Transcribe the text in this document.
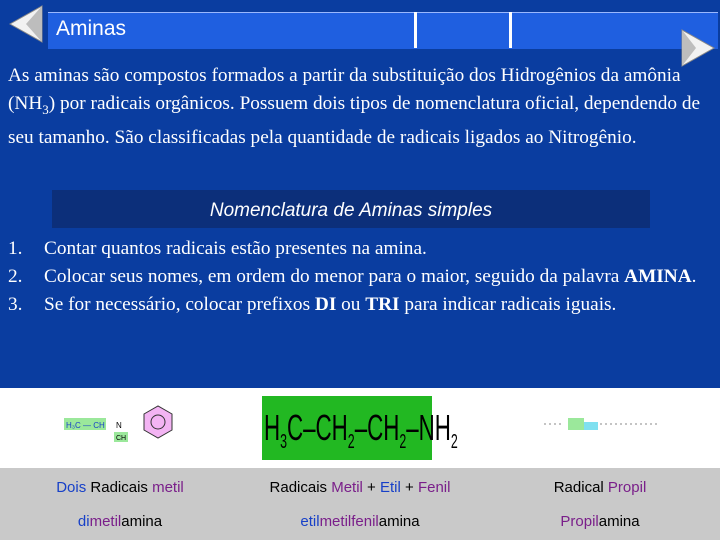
Aminas

As aminas são compostos formados a partir da substituição dos Hidrogênios da amônia $(NH_3)$ por radicais orgânicos. Possuem dois tipos de nomenclatura oficial, dependendo de seu tamanho. São classificadas pela quantidade de radicais ligados ao Nitrogênio.

Nomenclatura de Aminas simples
1. Contar quantos radicais estão presentes na amina.
2. Colocar seus nomes, em ordem do menor para o maior, seguido da palavra AMINA.
3. Se for necessário, colocar prefixos DI ou TRI para indicar radicais iguais.
H₃C — CH N
CH	$H_3C-CH_2-CH_2-NH_2$
Dois Radicais metil
dimetilamina
Radicais Metil + Etil + Fenil
etilmetilfenilamina
Radical Propil
Propilamina
